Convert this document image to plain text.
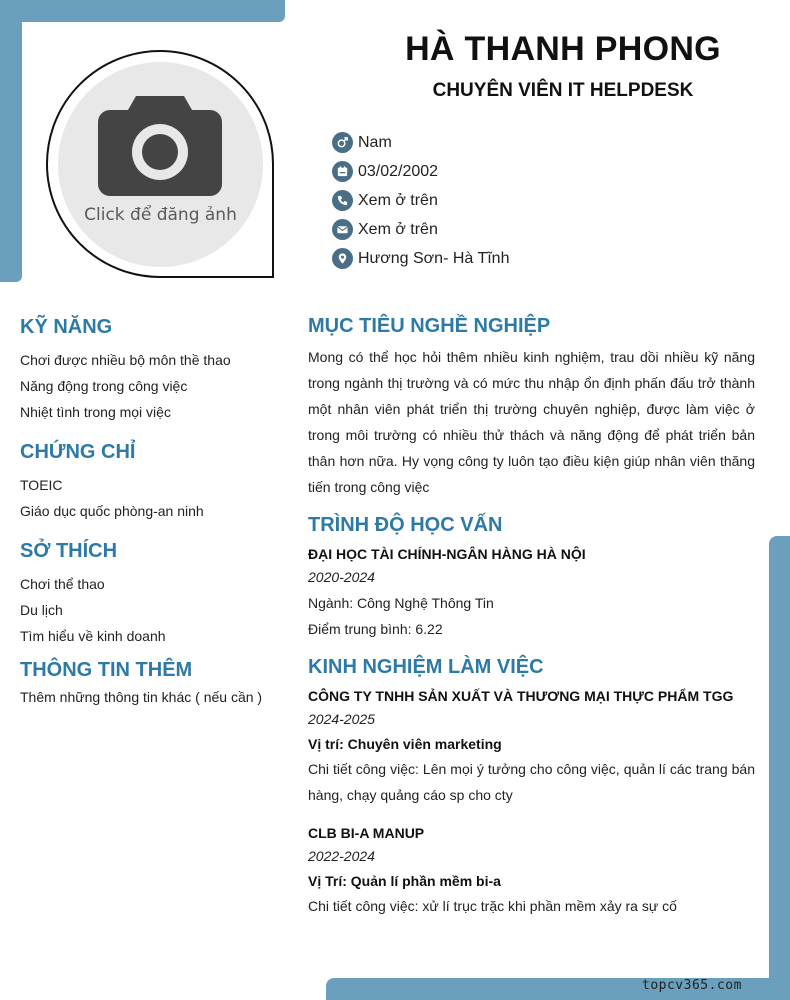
topcv365.com
Click để đăng ảnh
HÀ THANH PHONG
CHUYÊN VIÊN IT HELPDESK
Nam
03/02/2002
Xem ở trên
Xem ở trên
Hương Sơn- Hà Tĩnh
KỸ NĂNG
Chơi được nhiều bộ môn thề thao
Năng động trong công việc
Nhiệt tình trong mọi việc
CHỨNG CHỈ
TOEIC
Giáo dục quốc phòng-an ninh
SỞ THÍCH
Chơi thể thao
Du lịch
Tìm hiểu về kinh doanh
THÔNG TIN THÊM
Thêm những thông tin khác ( nếu cần )
MỤC TIÊU NGHỀ NGHIỆP
Mong có thể học hỏi thêm nhiều kinh nghiệm, trau dồi nhiều kỹ năng trong ngành thị trường và có mức thu nhập ổn định phấn đấu trở thành một nhân viên phát triển thị trường chuyên nghiệp, được làm việc ở trong môi trường có nhiều thử thách và năng động để phát triển bản thân hơn nữa. Hy vọng công ty luôn tạo điều kiện giúp nhân viên thăng tiến trong công việc
TRÌNH ĐỘ HỌC VẤN
ĐẠI HỌC TÀI CHÍNH-NGÂN HÀNG HÀ NỘI
2020-2024
Ngành: Công Nghệ Thông Tin
Điểm trung bình: 6.22
KINH NGHIỆM LÀM VIỆC
CÔNG TY TNHH SẢN XUẤT VÀ THƯƠNG MẠI THỰC PHẨM TGG
2024-2025
Vị trí: Chuyên viên marketing
Chi tiết công việc: Lên mọi ý tưởng cho công việc, quản lí các trang bán hàng, chạy quảng cáo sp cho cty
CLB BI-A MANUP
2022-2024
Vị Trí: Quản lí phần mềm bi-a
Chi tiết công việc: xử lí trục trặc khi phần mềm xảy ra sự cố
